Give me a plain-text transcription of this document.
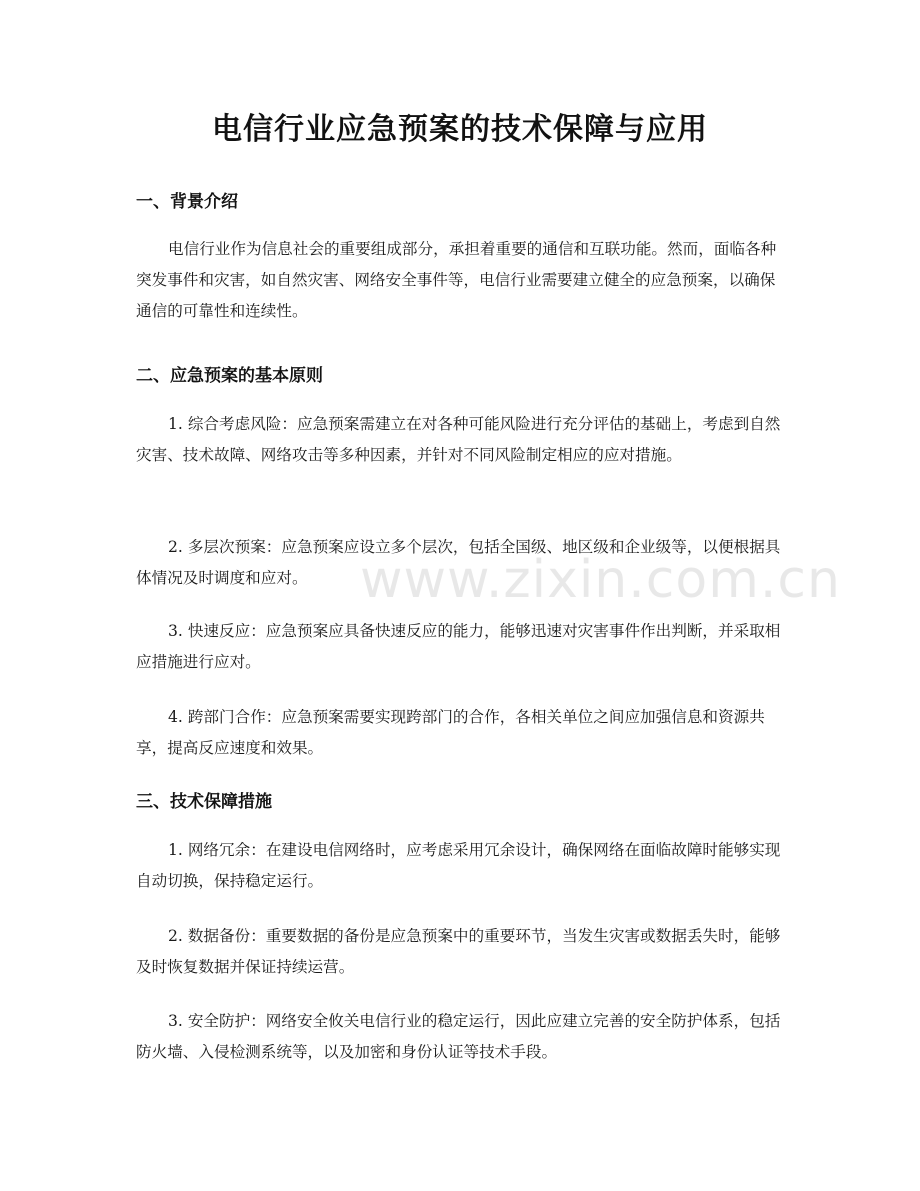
电信行业应急预案的技术保障与应用
一、背景介绍
电信行业作为信息社会的重要组成部分，承担着重要的通信和互联功能。然而，面临各种突发事件和灾害，如自然灾害、网络安全事件等，电信行业需要建立健全的应急预案，以确保通信的可靠性和连续性。
二、应急预案的基本原则
1. 综合考虑风险：应急预案需建立在对各种可能风险进行充分评估的基础上，考虑到自然灾害、技术故障、网络攻击等多种因素，并针对不同风险制定相应的应对措施。
2. 多层次预案：应急预案应设立多个层次，包括全国级、地区级和企业级等，以便根据具体情况及时调度和应对。
3. 快速反应：应急预案应具备快速反应的能力，能够迅速对灾害事件作出判断，并采取相应措施进行应对。
4. 跨部门合作：应急预案需要实现跨部门的合作，各相关单位之间应加强信息和资源共享，提高反应速度和效果。
三、技术保障措施
1. 网络冗余：在建设电信网络时，应考虑采用冗余设计，确保网络在面临故障时能够实现自动切换，保持稳定运行。
2. 数据备份：重要数据的备份是应急预案中的重要环节，当发生灾害或数据丢失时，能够及时恢复数据并保证持续运营。
3. 安全防护：网络安全攸关电信行业的稳定运行，因此应建立完善的安全防护体系，包括防火墙、入侵检测系统等，以及加密和身份认证等技术手段。
www.zixin.com.cn
